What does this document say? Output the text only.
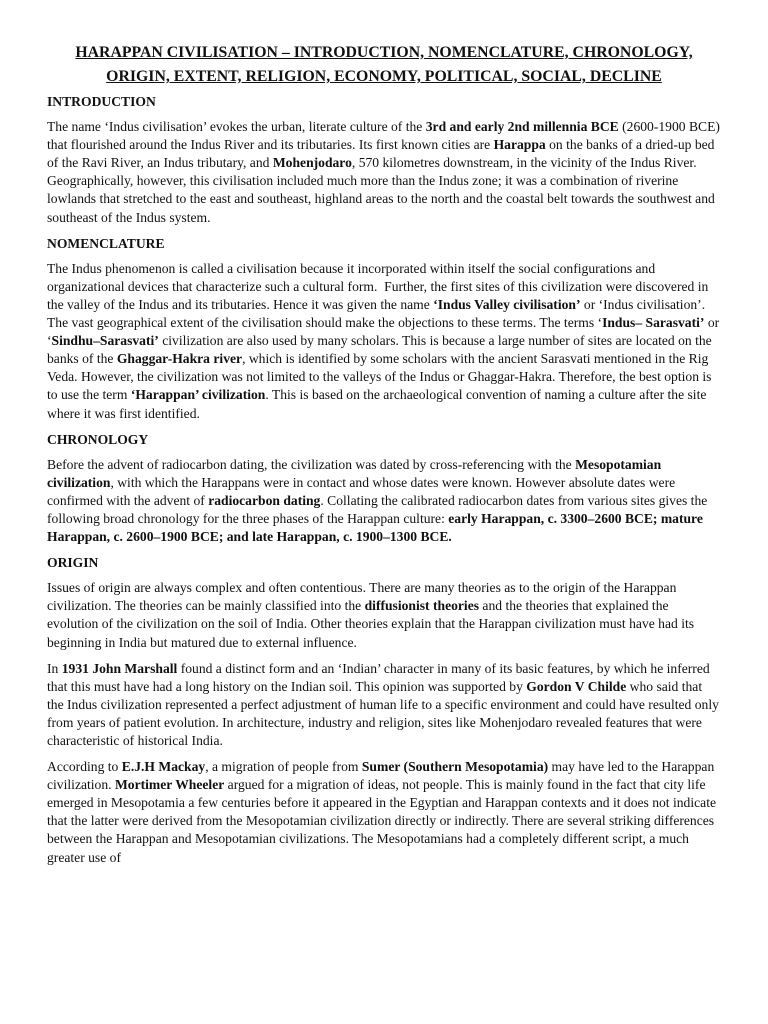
HARAPPAN CIVILISATION – INTRODUCTION, NOMENCLATURE, CHRONOLOGY, ORIGIN, EXTENT, RELIGION, ECONOMY, POLITICAL, SOCIAL, DECLINE
INTRODUCTION

The name ‘Indus civilisation’ evokes the urban, literate culture of the 3rd and early 2nd millennia BCE (2600-1900 BCE) that flourished around the Indus River and its tributaries. Its first known cities are Harappa on the banks of a dried-up bed of the Ravi River, an Indus tributary, and Mohenjodaro, 570 kilometres downstream, in the vicinity of the Indus River. Geographically, however, this civilisation included much more than the Indus zone; it was a combination of riverine lowlands that stretched to the east and southeast, highland areas to the north and the coastal belt towards the southwest and southeast of the Indus system.

NOMENCLATURE

The Indus phenomenon is called a civilisation because it incorporated within itself the social configurations and organizational devices that characterize such a cultural form.  Further, the first sites of this civilization were discovered in the valley of the Indus and its tributaries. Hence it was given the name ‘Indus Valley civilisation’ or ‘Indus civilisation’. The vast geographical extent of the civilisation should make the objections to these terms. The terms ‘Indus– Sarasvati’ or ‘Sindhu–Sarasvati’ civilization are also used by many scholars. This is because a large number of sites are located on the banks of the Ghaggar-Hakra river, which is identified by some scholars with the ancient Sarasvati mentioned in the Rig Veda. However, the civilization was not limited to the valleys of the Indus or Ghaggar-Hakra. Therefore, the best option is to use the term ‘Harappan’ civilization. This is based on the archaeological convention of naming a culture after the site where it was first identified.

CHRONOLOGY

Before the advent of radiocarbon dating, the civilization was dated by cross-referencing with the Mesopotamian civilization, with which the Harappans were in contact and whose dates were known. However absolute dates were confirmed with the advent of radiocarbon dating. Collating the calibrated radiocarbon dates from various sites gives the following broad chronology for the three phases of the Harappan culture: early Harappan, c. 3300–2600 BCE; mature Harappan, c. 2600–1900 BCE; and late Harappan, c. 1900–1300 BCE.

ORIGIN

Issues of origin are always complex and often contentious. There are many theories as to the origin of the Harappan civilization. The theories can be mainly classified into the diffusionist theories and the theories that explained the evolution of the civilization on the soil of India. Other theories explain that the Harappan civilization must have had its beginning in India but matured due to external influence.

In 1931 John Marshall found a distinct form and an ‘Indian’ character in many of its basic features, by which he inferred that this must have had a long history on the Indian soil. This opinion was supported by Gordon V Childe who said that the Indus civilization represented a perfect adjustment of human life to a specific environment and could have resulted only from years of patient evolution. In architecture, industry and religion, sites like Mohenjodaro revealed features that were characteristic of historical India.

According to E.J.H Mackay, a migration of people from Sumer (Southern Mesopotamia) may have led to the Harappan civilization. Mortimer Wheeler argued for a migration of ideas, not people. This is mainly found in the fact that city life emerged in Mesopotamia a few centuries before it appeared in the Egyptian and Harappan contexts and it does not indicate that the latter were derived from the Mesopotamian civilization directly or indirectly. There are several striking differences between the Harappan and Mesopotamian civilizations. The Mesopotamians had a completely different script, a much greater use of
